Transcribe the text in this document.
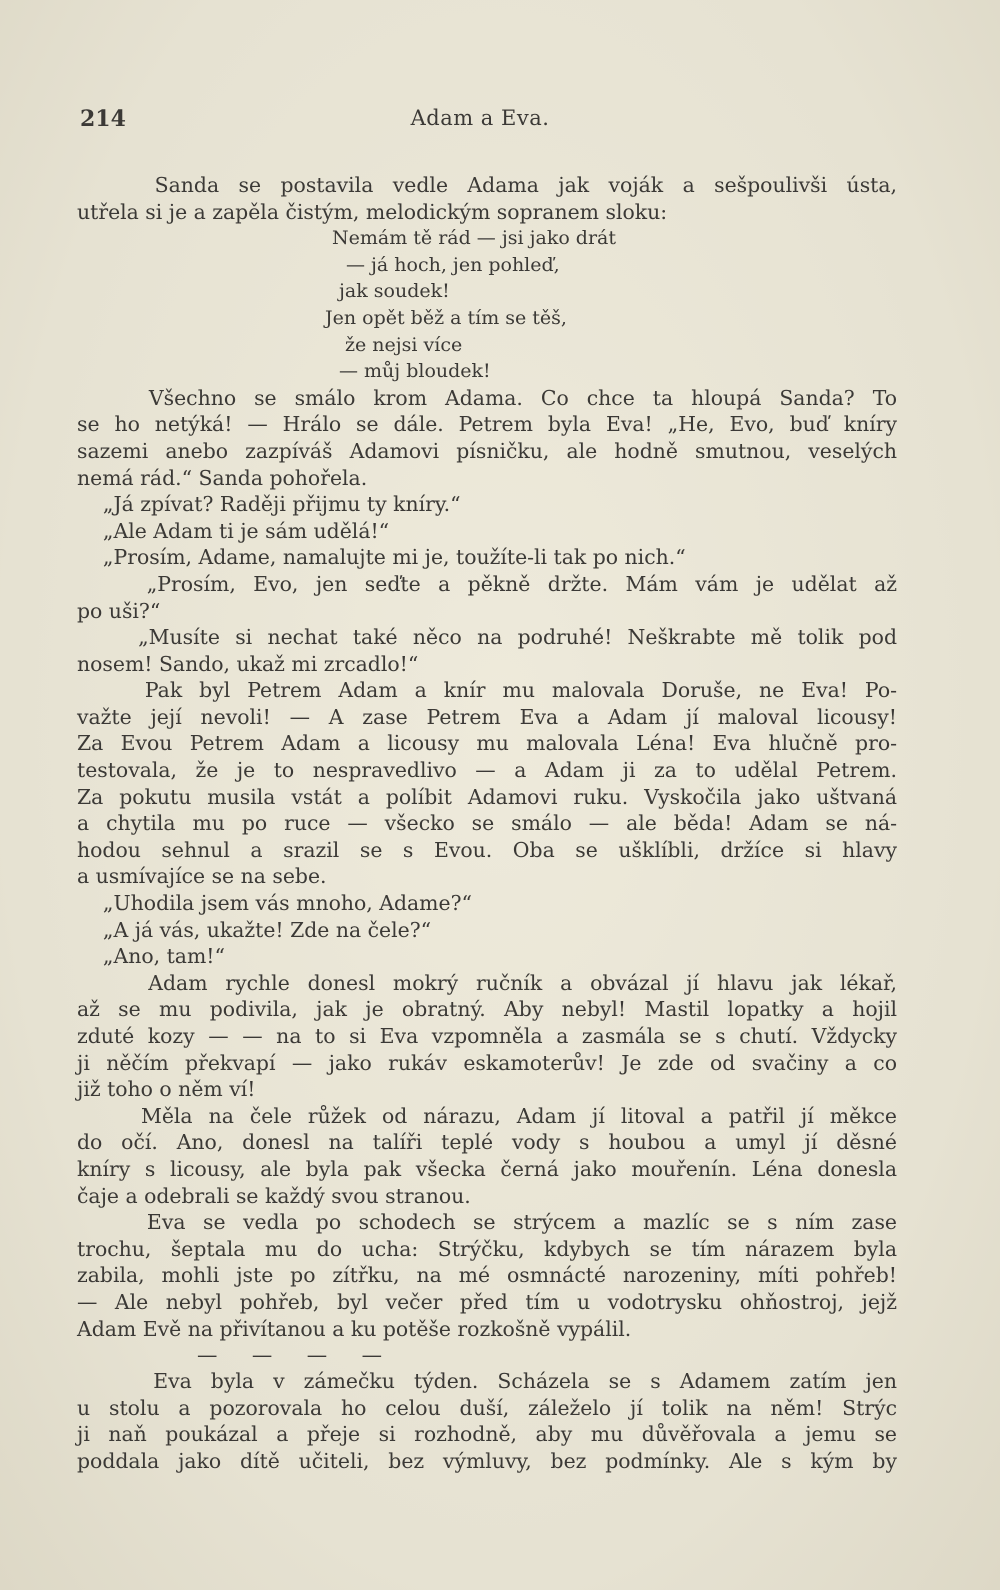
214	Adam a Eva.
Sanda se postavila vedle Adama jak voják a sešpoulivši ústa,
utřela si je a zapěla čistým, melodickým sopranem sloku:
Nemám tě rád — jsi jako drát
— já hoch, jen pohleď,
jak soudek!
Jen opět běž a tím se těš,
že nejsi více
— můj bloudek!
Všechno se smálo krom Adama. Co chce ta hloupá Sanda? To
se ho netýká! — Hrálo se dále. Petrem byla Eva! „He, Evo, buď kníry
sazemi anebo zazpíváš Adamovi písničku, ale hodně smutnou, veselých
nemá rád.“ Sanda pohořela.
„Já zpívat? Raději přijmu ty kníry.“
„Ale Adam ti je sám udělá!“
„Prosím, Adame, namalujte mi je, toužíte-li tak po nich.“
„Prosím, Evo, jen seďte a pěkně držte. Mám vám je udělat až
po uši?“
„Musíte si nechat také něco na podruhé! Neškrabte mě tolik pod
nosem! Sando, ukaž mi zrcadlo!“
Pak byl Petrem Adam a knír mu malovala Doruše, ne Eva! Po-
važte její nevoli! — A zase Petrem Eva a Adam jí maloval licousy!
Za Evou Petrem Adam a licousy mu malovala Léna! Eva hlučně pro-
testovala, že je to nespravedlivo — a Adam ji za to udělal Petrem.
Za pokutu musila vstát a políbit Adamovi ruku. Vyskočila jako uštvaná
a chytila mu po ruce — všecko se smálo — ale běda! Adam se ná-
hodou sehnul a srazil se s Evou. Oba se ušklíbli, držíce si hlavy
a usmívajíce se na sebe.
„Uhodila jsem vás mnoho, Adame?“
„A já vás, ukažte! Zde na čele?“
„Ano, tam!“
Adam rychle donesl mokrý ručník a obvázal jí hlavu jak lékař,
až se mu podivila, jak je obratný. Aby nebyl! Mastil lopatky a hojil
zduté kozy — — na to si Eva vzpomněla a zasmála se s chutí. Vždycky
ji něčím překvapí — jako rukáv eskamoterův! Je zde od svačiny a co
již toho o něm ví!
Měla na čele růžek od nárazu, Adam jí litoval a patřil jí měkce
do očí. Ano, donesl na talíři teplé vody s houbou a umyl jí děsné
kníry s licousy, ale byla pak všecka černá jako mouřenín. Léna donesla
čaje a odebrali se každý svou stranou.
Eva se vedla po schodech se strýcem a mazlíc se s ním zase
trochu, šeptala mu do ucha: Strýčku, kdybych se tím nárazem byla
zabila, mohli jste po zítřku, na mé osmnácté narozeniny, míti pohřeb!
— Ale nebyl pohřeb, byl večer před tím u vodotrysku ohňostroj, jejž
Adam Evě na přivítanou a ku potěše rozkošně vypálil.
— — — —
Eva byla v zámečku týden. Scházela se s Adamem zatím jen
u stolu a pozorovala ho celou duší, záleželo jí tolik na něm! Strýc
ji naň poukázal a přeje si rozhodně, aby mu důvěřovala a jemu se
poddala jako dítě učiteli, bez výmluvy, bez podmínky. Ale s kým by
